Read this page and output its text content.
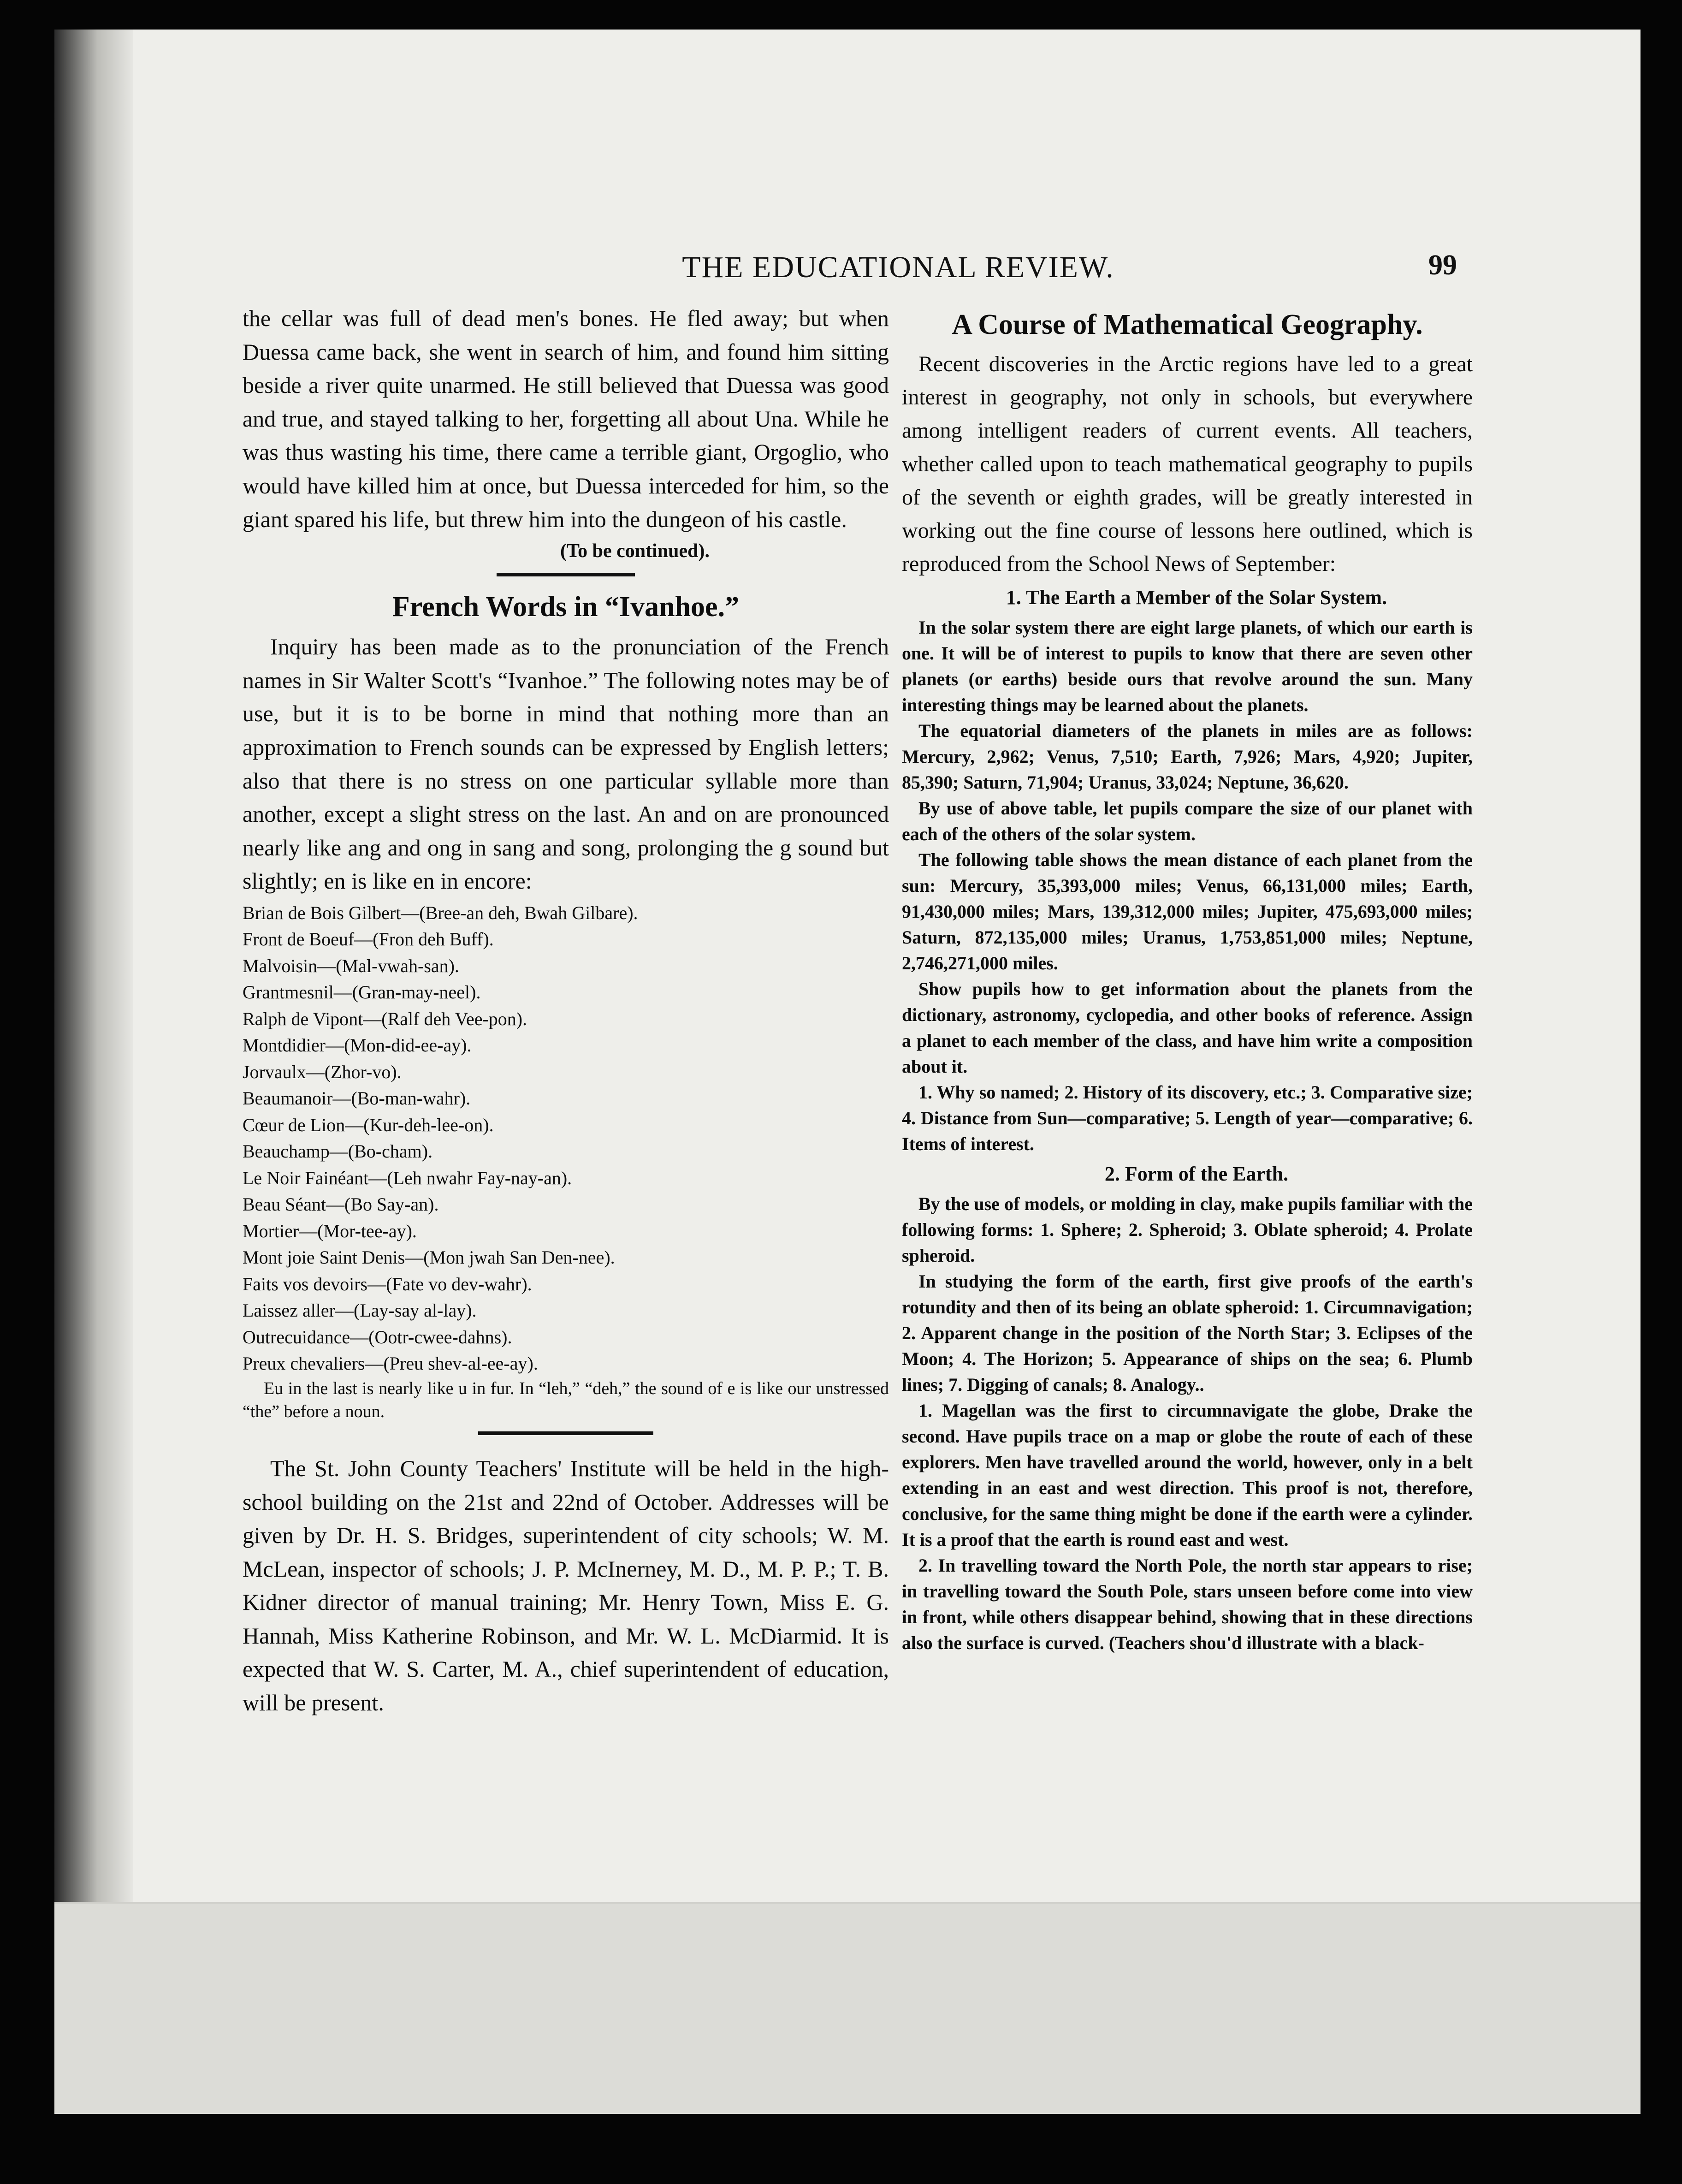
THE EDUCATIONAL REVIEW.	99

the cellar was full of dead men's bones. He fled away; but when Duessa came back, she went in search of him, and found him sitting beside a river quite unarmed. He still believed that Duessa was good and true, and stayed talking to her, forgetting all about Una. While he was thus wasting his time, there came a terrible giant, Orgoglio, who would have killed him at once, but Duessa interceded for him, so the giant spared his life, but threw him into the dungeon of his castle.

(To be continued).
French Words in “Ivanhoe.”

Inquiry has been made as to the pronunciation of the French names in Sir Walter Scott's “Ivanhoe.” The following notes may be of use, but it is to be borne in mind that nothing more than an approximation to French sounds can be expressed by English letters; also that there is no stress on one particular syllable more than another, except a slight stress on the last. An and on are pronounced nearly like ang and ong in sang and song, prolonging the g sound but slightly; en is like en in encore:

Brian de Bois Gilbert—(Bree-an deh, Bwah Gilbare).
Front de Boeuf—(Fron deh Buff).
Malvoisin—(Mal-vwah-san).
Grantmesnil—(Gran-may-neel).
Ralph de Vipont—(Ralf deh Vee-pon).
Montdidier—(Mon-did-ee-ay).
Jorvaulx—(Zhor-vo).
Beaumanoir—(Bo-man-wahr).
Cœur de Lion—(Kur-deh-lee-on).
Beauchamp—(Bo-cham).
Le Noir Fainéant—(Leh nwahr Fay-nay-an).
Beau Séant—(Bo Say-an).
Mortier—(Mor-tee-ay).
Mont joie Saint Denis—(Mon jwah San Den-nee).
Faits vos devoirs—(Fate vo dev-wahr).
Laissez aller—(Lay-say al-lay).
Outrecuidance—(Ootr-cwee-dahns).
Preux chevaliers—(Preu shev-al-ee-ay).

Eu in the last is nearly like u in fur. In “leh,” “deh,” the sound of e is like our unstressed “the” before a noun.

The St. John County Teachers' Institute will be held in the high-school building on the 21st and 22nd of October. Addresses will be given by Dr. H. S. Bridges, superintendent of city schools; W. M. McLean, inspector of schools; J. P. McInerney, M. D., M. P. P.; T. B. Kidner director of manual training; Mr. Henry Town, Miss E. G. Hannah, Miss Katherine Robinson, and Mr. W. L. McDiarmid. It is expected that W. S. Carter, M. A., chief superintendent of education, will be present.

A Course of Mathematical Geography.

Recent discoveries in the Arctic regions have led to a great interest in geography, not only in schools, but everywhere among intelligent readers of current events. All teachers, whether called upon to teach mathematical geography to pupils of the seventh or eighth grades, will be greatly interested in working out the fine course of lessons here outlined, which is reproduced from the School News of September:

1. The Earth a Member of the Solar System.

In the solar system there are eight large planets, of which our earth is one. It will be of interest to pupils to know that there are seven other planets (or earths) beside ours that revolve around the sun. Many interesting things may be learned about the planets.

The equatorial diameters of the planets in miles are as follows: Mercury, 2,962; Venus, 7,510; Earth, 7,926; Mars, 4,920; Jupiter, 85,390; Saturn, 71,904; Uranus, 33,024; Neptune, 36,620.

By use of above table, let pupils compare the size of our planet with each of the others of the solar system.

The following table shows the mean distance of each planet from the sun: Mercury, 35,393,000 miles; Venus, 66,131,000 miles; Earth, 91,430,000 miles; Mars, 139,312,000 miles; Jupiter, 475,693,000 miles; Saturn, 872,135,000 miles; Uranus, 1,753,851,000 miles; Neptune, 2,746,271,000 miles.

Show pupils how to get information about the planets from the dictionary, astronomy, cyclopedia, and other books of reference. Assign a planet to each member of the class, and have him write a composition about it.

1. Why so named; 2. History of its discovery, etc.; 3. Comparative size; 4. Distance from Sun—comparative; 5. Length of year—comparative; 6. Items of interest.

2. Form of the Earth.

By the use of models, or molding in clay, make pupils familiar with the following forms: 1. Sphere; 2. Spheroid; 3. Oblate spheroid; 4. Prolate spheroid.

In studying the form of the earth, first give proofs of the earth's rotundity and then of its being an oblate spheroid: 1. Circumnavigation; 2. Apparent change in the position of the North Star; 3. Eclipses of the Moon; 4. The Horizon; 5. Appearance of ships on the sea; 6. Plumb lines; 7. Digging of canals; 8. Analogy..

1. Magellan was the first to circumnavigate the globe, Drake the second. Have pupils trace on a map or globe the route of each of these explorers. Men have travelled around the world, however, only in a belt extending in an east and west direction. This proof is not, therefore, conclusive, for the same thing might be done if the earth were a cylinder. It is a proof that the earth is round east and west.

2. In travelling toward the North Pole, the north star appears to rise; in travelling toward the South Pole, stars unseen before come into view in front, while others disappear behind, showing that in these directions also the surface is curved. (Teachers shou'd illustrate with a black-
